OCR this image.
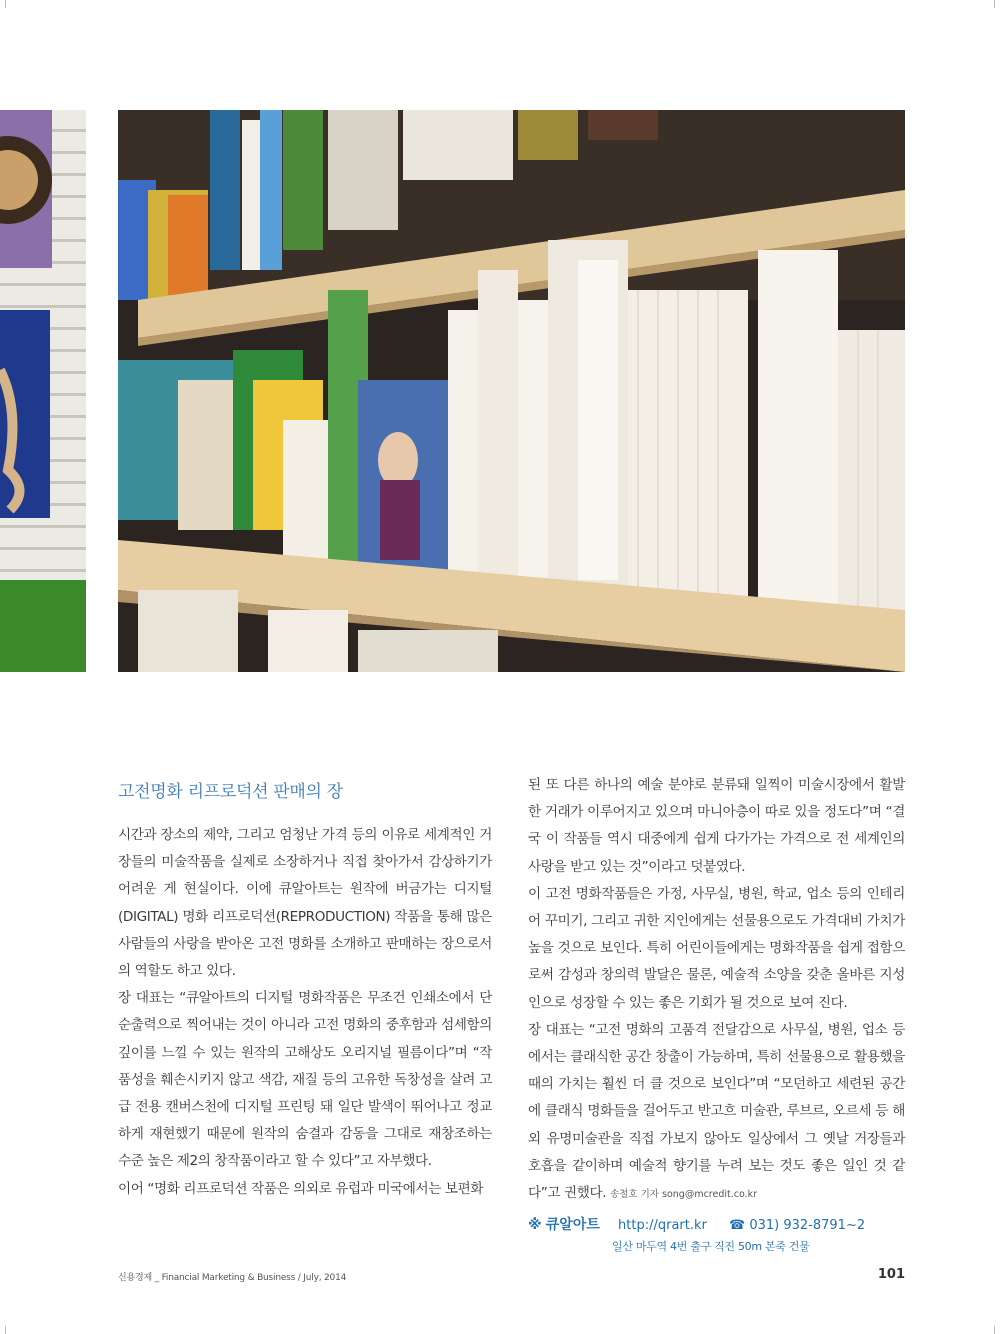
고전명화 리프로덕션 판매의 장

시간과 장소의 제약, 그리고 엄청난 가격 등의 이유로 세계적인 거장들의 미술작품을 실제로 소장하거나 직접 찾아가서 감상하기가 어려운 게 현실이다. 이에 큐알아트는 원작에 버금가는 디지털(DIGITAL) 명화 리프로덕션(REPRODUCTION) 작품을 통해 많은 사람들의 사랑을 받아온 고전 명화를 소개하고 판매하는 장으로서의 역할도 하고 있다.

장 대표는 “큐알아트의 디지털 명화작품은 무조건 인쇄소에서 단순출력으로 찍어내는 것이 아니라 고전 명화의 중후함과 섬세함의 깊이를 느낄 수 있는 원작의 고해상도 오리지널 필름이다”며 “작품성을 훼손시키지 않고 색감, 재질 등의 고유한 독창성을 살려 고급 전용 캔버스천에 디지털 프린팅 돼 일단 발색이 뛰어나고 정교하게 재현했기 때문에 원작의 숨결과 감동을 그대로 재창조하는 수준 높은 제2의 창작품이라고 할 수 있다”고 자부했다.

이어 “명화 리프로덕션 작품은 의외로 유럽과 미국에서는 보편화

된 또 다른 하나의 예술 분야로 분류돼 일찍이 미술시장에서 활발한 거래가 이루어지고 있으며 마니아층이 따로 있을 정도다”며 “결국 이 작품들 역시 대중에게 쉽게 다가가는 가격으로 전 세계인의 사랑을 받고 있는 것”이라고 덧붙였다.

이 고전 명화작품들은 가정, 사무실, 병원, 학교, 업소 등의 인테리어 꾸미기, 그리고 귀한 지인에게는 선물용으로도 가격대비 가치가 높을 것으로 보인다. 특히 어린이들에게는 명화작품을 쉽게 접함으로써 감성과 창의력 발달은 물론, 예술적 소양을 갖춘 올바른 지성인으로 성장할 수 있는 좋은 기회가 될 것으로 보여 진다.

장 대표는 “고전 명화의 고품격 전달감으로 사무실, 병원, 업소 등에서는 클래식한 공간 창출이 가능하며, 특히 선물용으로 활용했을 때의 가치는 훨씬 더 클 것으로 보인다”며 “모던하고 세련된 공간에 클래식 명화들을 걸어두고 반고흐 미술관, 루브르, 오르세 등 해외 유명미술관을 직접 가보지 않아도 일상에서 그 옛날 거장들과 호흡을 같이하며 예술적 향기를 누려 보는 것도 좋은 일인 것 같다”고 권했다. 송철호 기자 song@mcredit.co.kr

※ 큐알아트 http://qrart.kr ☎ 031) 932-8791~2
일산 마두역 4번 출구 직진 50m 본죽 건물
신용경제 _ Financial Marketing & Business / July, 2014	101
